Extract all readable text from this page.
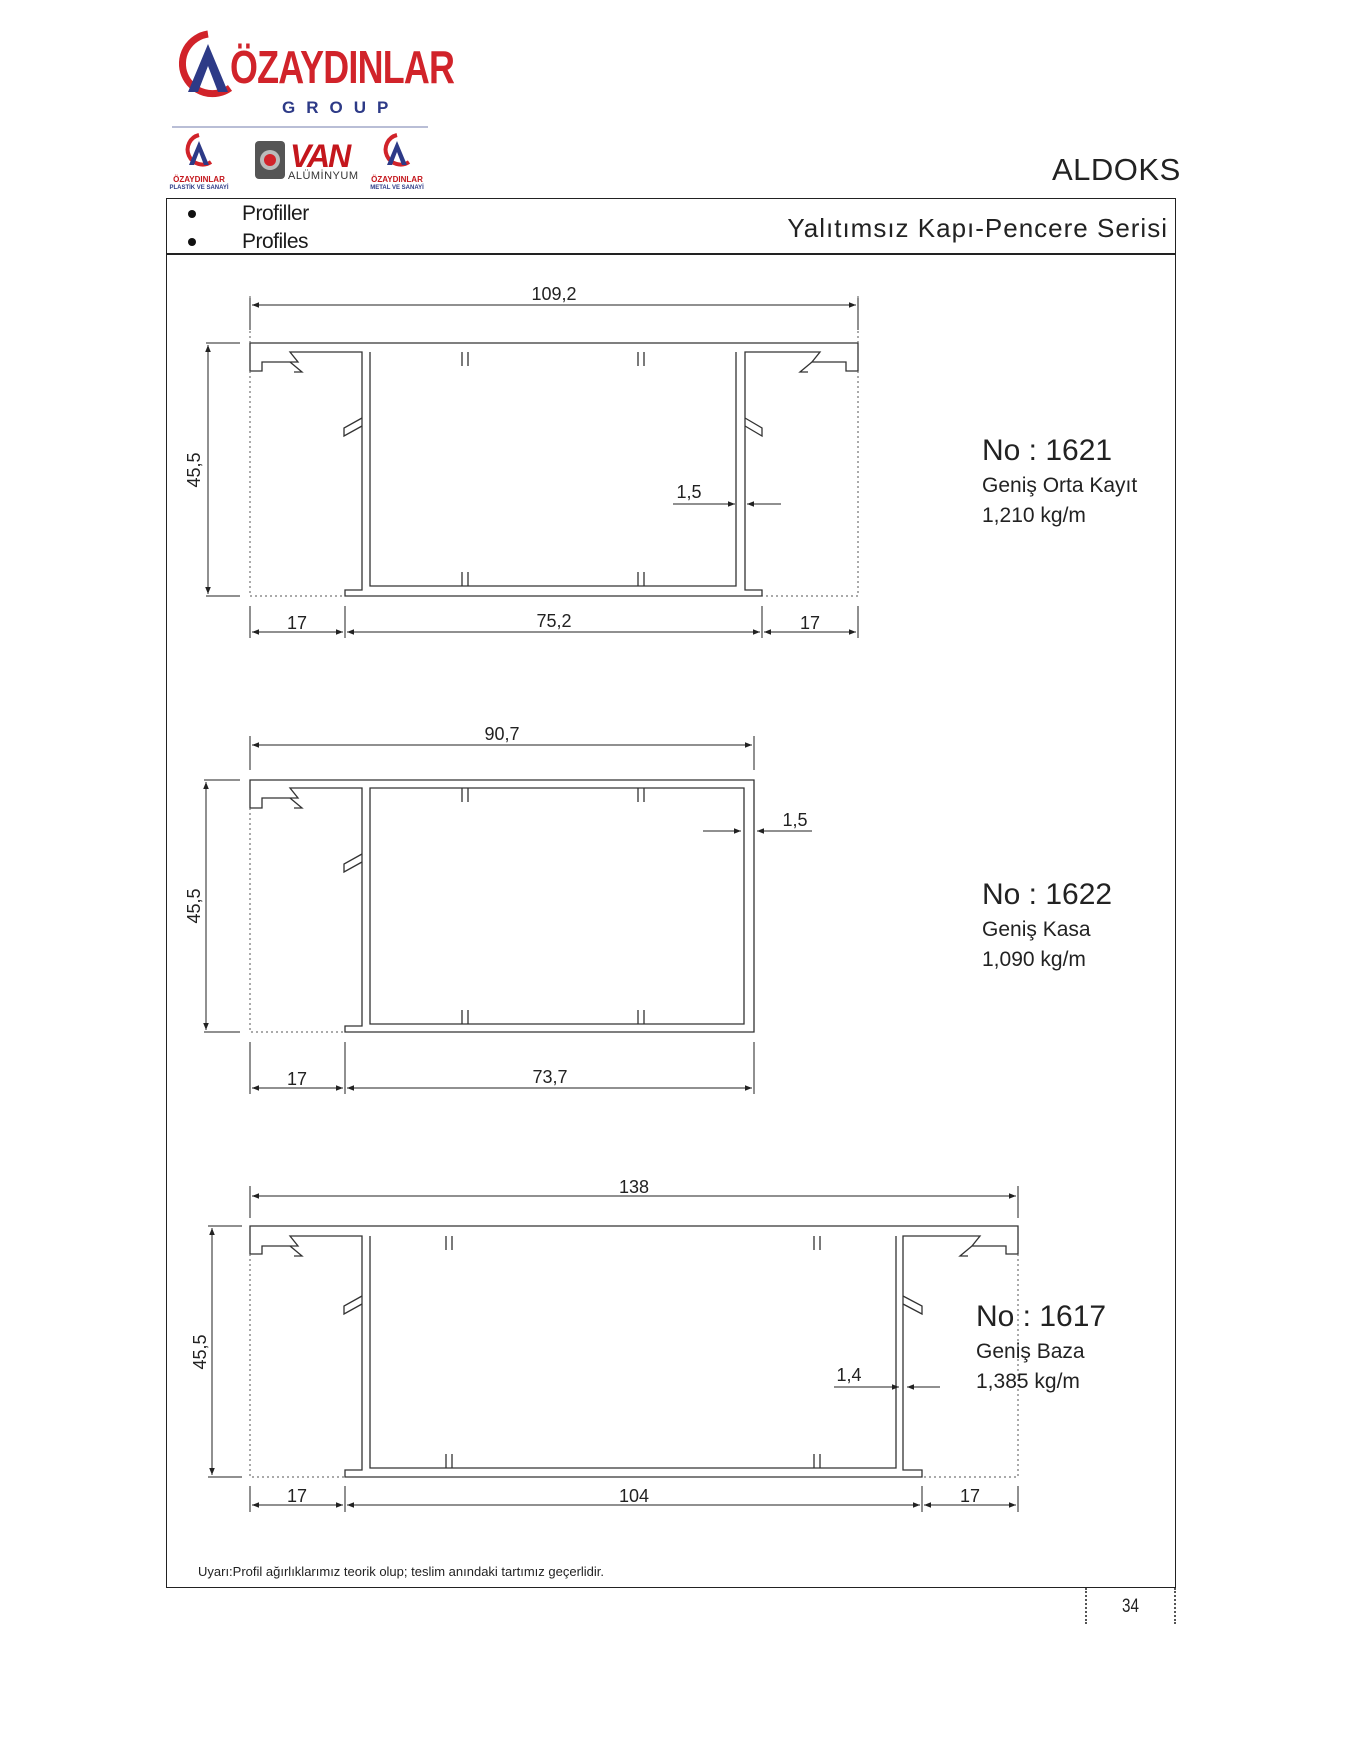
ÖZAYDINLAR
GROUP
ÖZAYDINLAR
PLASTİK VE SANAYİ
VAN
ALÜMİNYUM	ÖZAYDINLAR
METAL VE SANAYİ
ALDOKS
Profiller
Profiles	Yalıtımsız Kapı-Pencere Serisi
109,2
45,5
17	75,2	17
1,5
90,7
45,5
17	73,7
1,5
138
45,5
17	104	17
1,4
No : 1621
Geniş Orta Kayıt
1,210 kg/m
No : 1622
Geniş Kasa
1,090 kg/m
No : 1617
Geniş Baza
1,385 kg/m
Uyarı:Profil ağırlıklarımız teorik olup; teslim anındaki tartımız geçerlidir.
34
